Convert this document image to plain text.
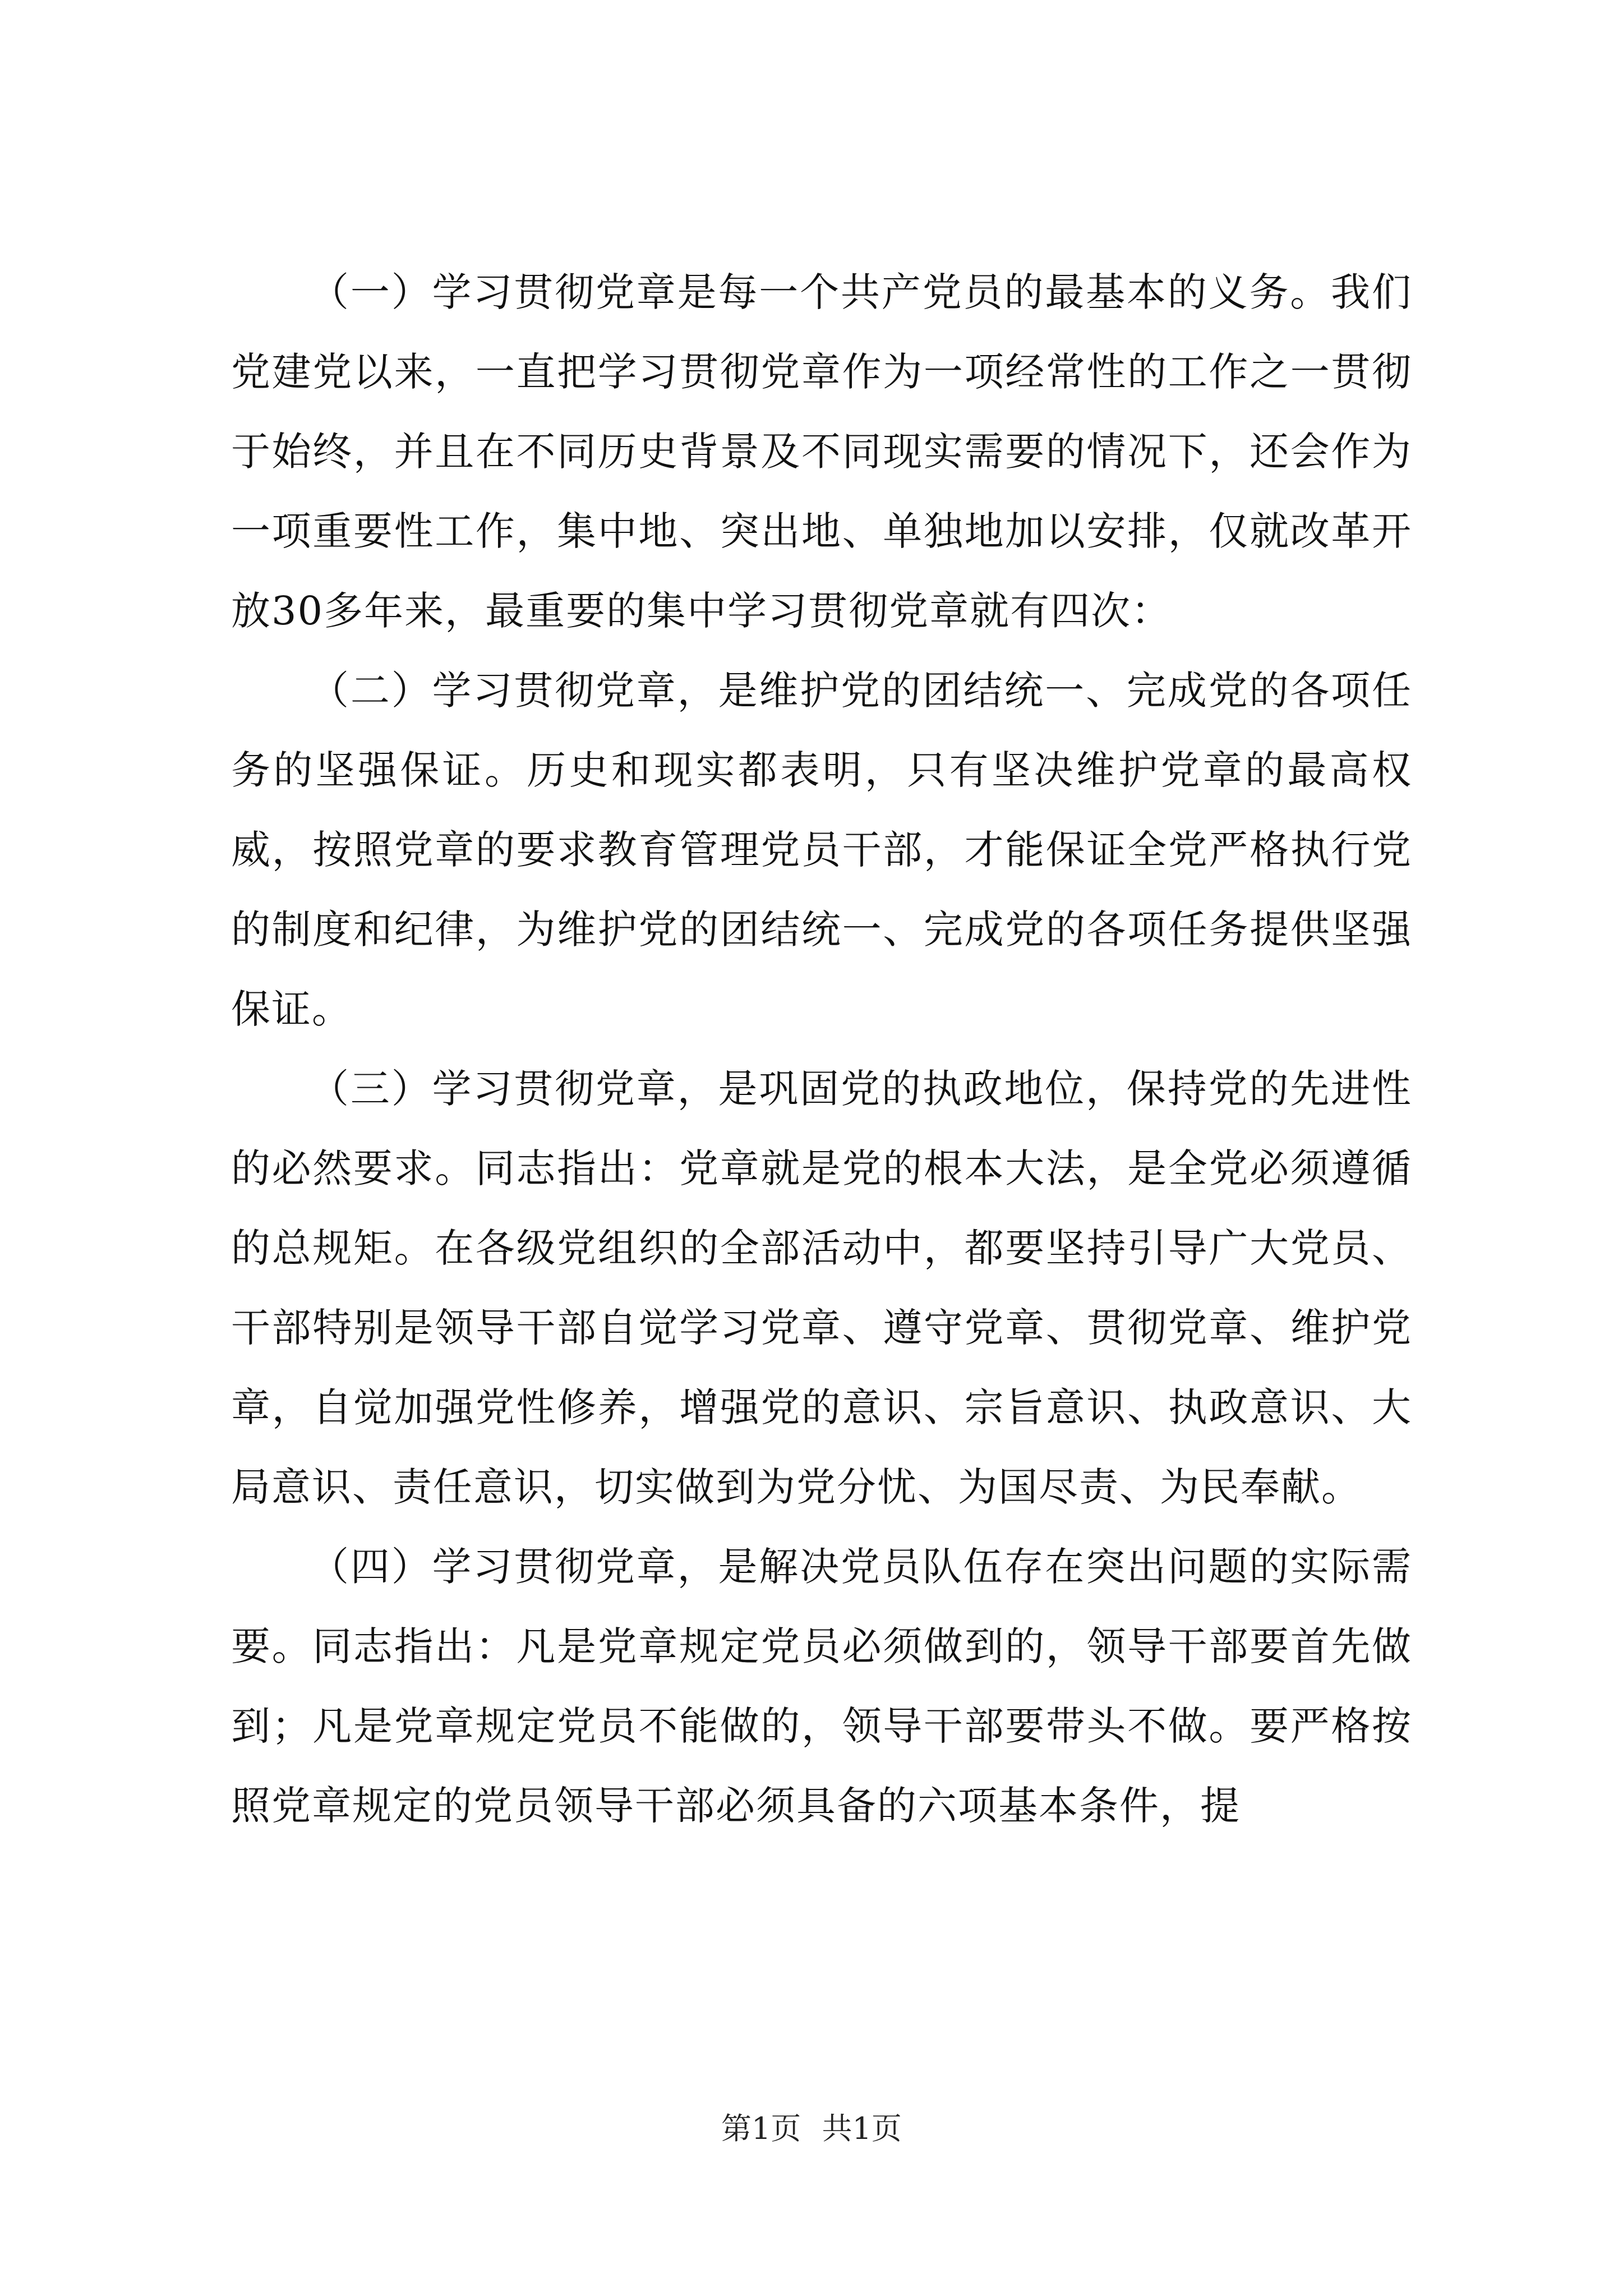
（一）学习贯彻党章是每一个共产党员的最基本的义务。我们党建党以来，一直把学习贯彻党章作为一项经常性的工作之一贯彻于始终，并且在不同历史背景及不同现实需要的情况下，还会作为一项重要性工作，集中地、突出地、单独地加以安排，仅就改革开放30多年来，最重要的集中学习贯彻党章就有四次：

（二）学习贯彻党章，是维护党的团结统一、完成党的各项任务的坚强保证。历史和现实都表明，只有坚决维护党章的最高权威，按照党章的要求教育管理党员干部，才能保证全党严格执行党的制度和纪律，为维护党的团结统一、完成党的各项任务提供坚强保证。

（三）学习贯彻党章，是巩固党的执政地位，保持党的先进性的必然要求。同志指出：党章就是党的根本大法，是全党必须遵循的总规矩。在各级党组织的全部活动中，都要坚持引导广大党员、干部特别是领导干部自觉学习党章、遵守党章、贯彻党章、维护党章，自觉加强党性修养，增强党的意识、宗旨意识、执政意识、大局意识、责任意识，切实做到为党分忧、为国尽责、为民奉献。

（四）学习贯彻党章，是解决党员队伍存在突出问题的实际需要。同志指出：凡是党章规定党员必须做到的，领导干部要首先做到；凡是党章规定党员不能做的，领导干部要带头不做。要严格按照党章规定的党员领导干部必须具备的六项基本条件，提

第1页 共1页
